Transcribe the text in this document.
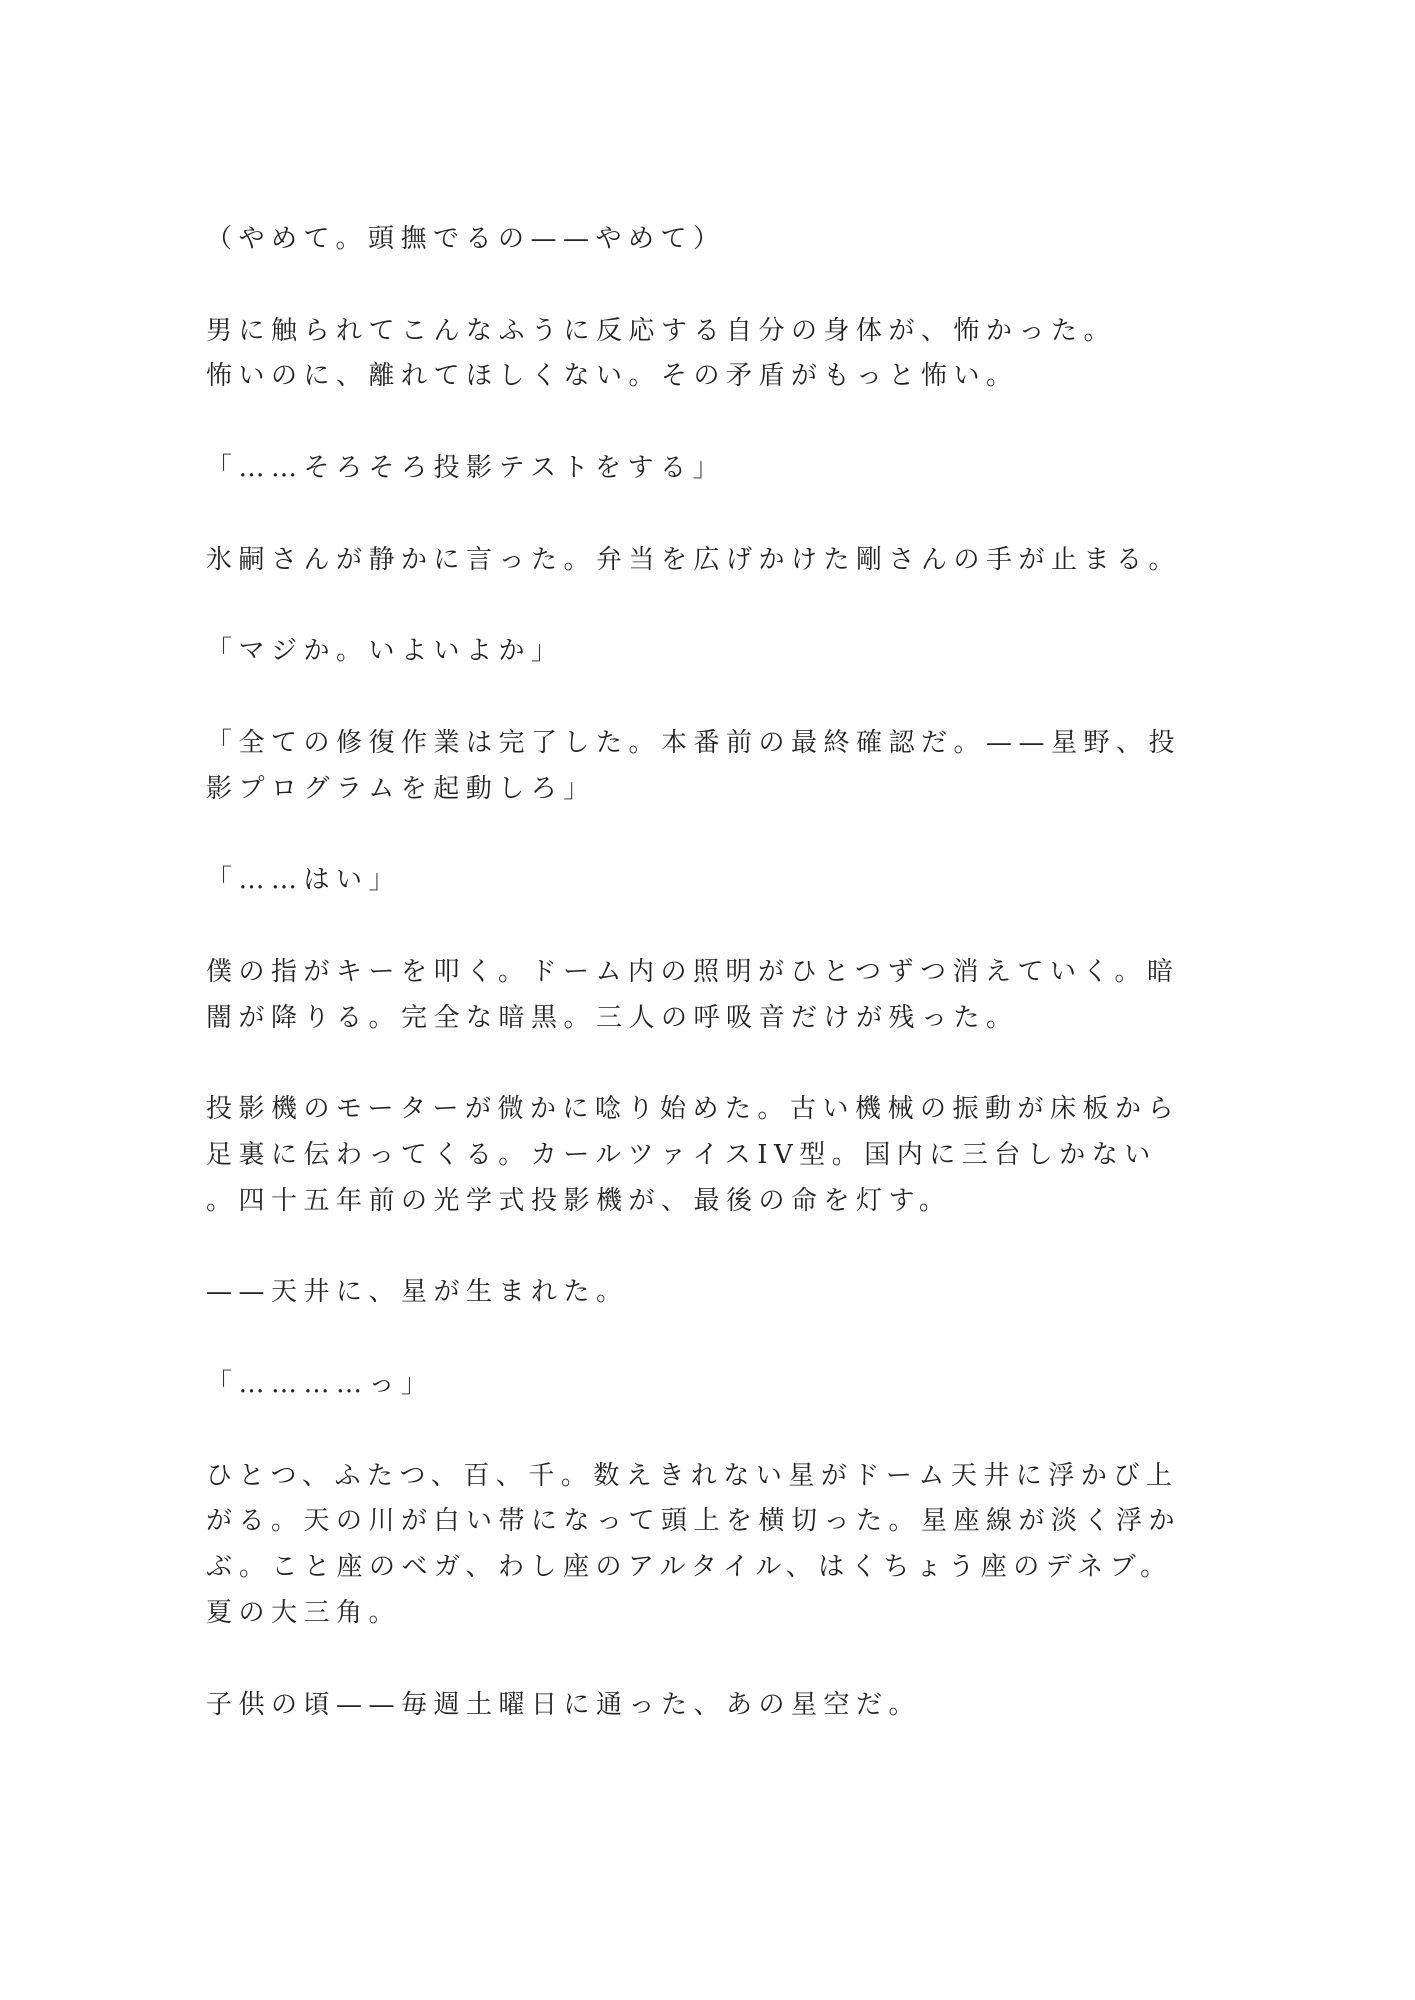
（やめて。頭撫でるの——やめて）
男に触られてこんなふうに反応する自分の身体が、怖かった。
怖いのに、離れてほしくない。その矛盾がもっと怖い。
「……そろそろ投影テストをする」
氷嗣さんが静かに言った。弁当を広げかけた剛さんの手が止まる。
「マジか。いよいよか」
「全ての修復作業は完了した。本番前の最終確認だ。——星野、投
影プログラムを起動しろ」
「……はい」
僕の指がキーを叩く。ドーム内の照明がひとつずつ消えていく。暗
闇が降りる。完全な暗黒。三人の呼吸音だけが残った。
投影機のモーターが微かに唸り始めた。古い機械の振動が床板から
足裏に伝わってくる。カールツァイスIV型。国内に三台しかない
。四十五年前の光学式投影機が、最後の命を灯す。
——天井に、星が生まれた。
「…………っ」
ひとつ、ふたつ、百、千。数えきれない星がドーム天井に浮かび上
がる。天の川が白い帯になって頭上を横切った。星座線が淡く浮か
ぶ。こと座のベガ、わし座のアルタイル、はくちょう座のデネブ。
夏の大三角。
子供の頃——毎週土曜日に通った、あの星空だ。
